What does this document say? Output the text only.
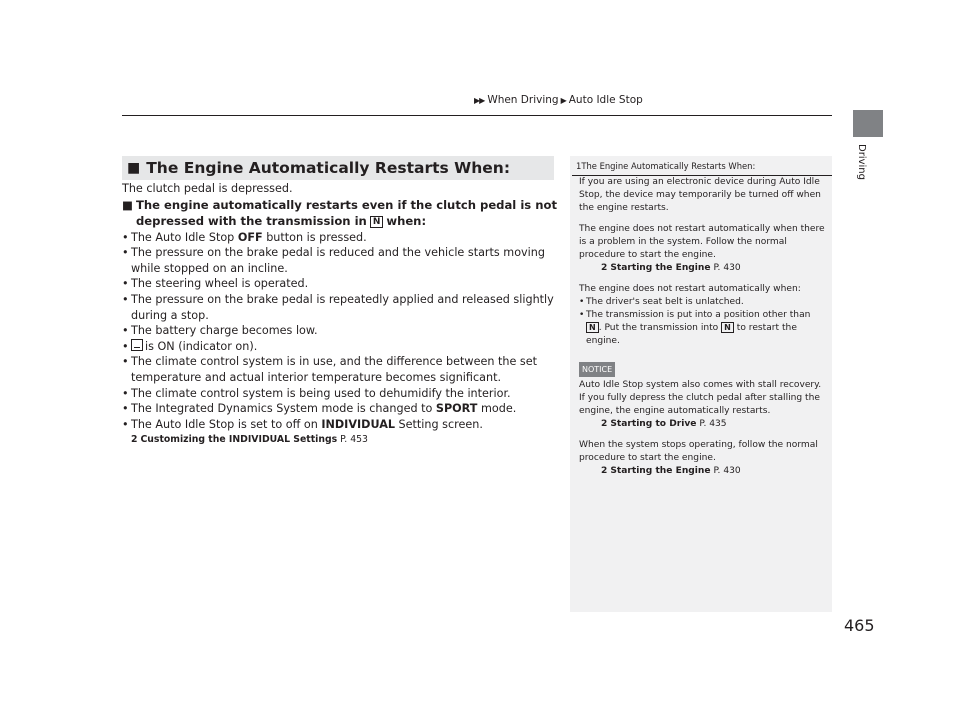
▶▶ When Driving ▶ Auto Idle Stop
Driving
■ The Engine Automatically Restarts When:

The clutch pedal is depressed.

■ The engine automatically restarts even if the clutch pedal is not depressed with the transmission in N when:

• The Auto Idle Stop OFF button is pressed.
• The pressure on the brake pedal is reduced and the vehicle starts moving while stopped on an incline.
• The steering wheel is operated.
• The pressure on the brake pedal is repeatedly applied and released slightly during a stop.
• The battery charge becomes low.
• is ON (indicator on).
• The climate control system is in use, and the difference between the set temperature and actual interior temperature becomes significant.
• The climate control system is being used to dehumidify the interior.
• The Integrated Dynamics System mode is changed to SPORT mode.
• The Auto Idle Stop is set to off on INDIVIDUAL Setting screen.

2 Customizing the INDIVIDUAL Settings P. 453

1The Engine Automatically Restarts When:

If you are using an electronic device during Auto Idle Stop, the device may temporarily be turned off when the engine restarts.

The engine does not restart automatically when there is a problem in the system. Follow the normal procedure to start the engine.

2 Starting the Engine P. 430

The engine does not restart automatically when:

• The driver's seat belt is unlatched.
• The transmission is put into a position other than
N . Put the transmission into N to restart the engine.
NOTICE

Auto Idle Stop system also comes with stall recovery. If you fully depress the clutch pedal after stalling the engine, the engine automatically restarts.

2 Starting to Drive P. 435

When the system stops operating, follow the normal procedure to start the engine.

2 Starting the Engine P. 430

465
